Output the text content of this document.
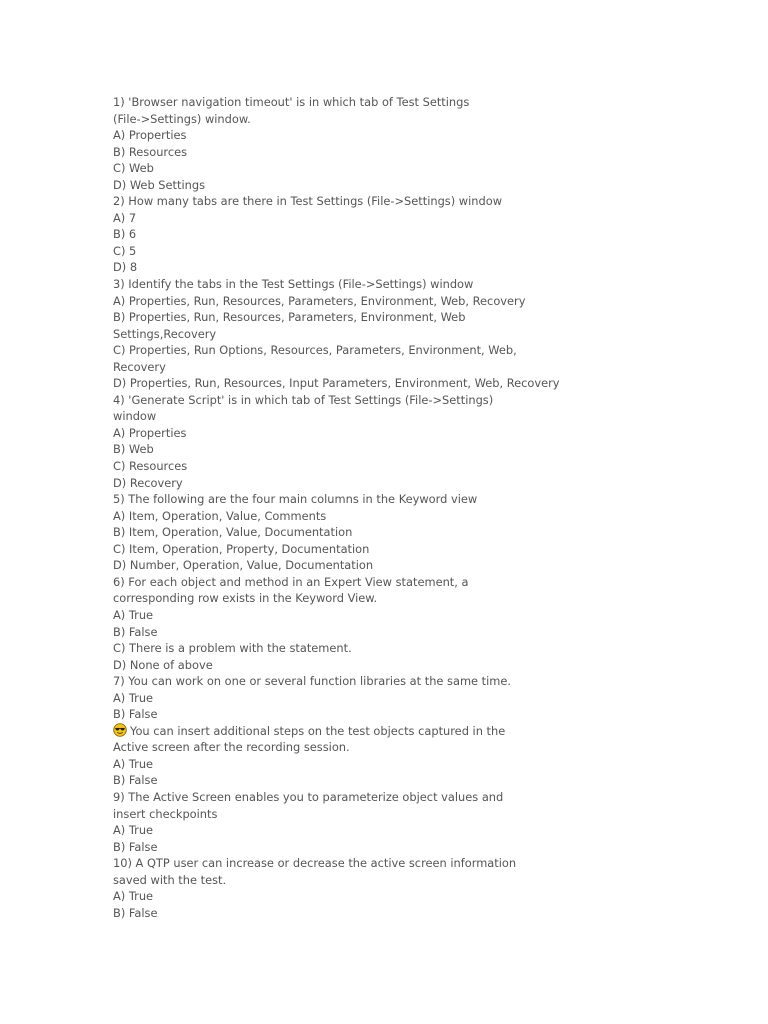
1) 'Browser navigation timeout' is in which tab of Test Settings
(File->Settings) window.
A) Properties
B) Resources
C) Web
D) Web Settings
2) How many tabs are there in Test Settings (File->Settings) window
A) 7
B) 6
C) 5
D) 8
3) Identify the tabs in the Test Settings (File->Settings) window
A) Properties, Run, Resources, Parameters, Environment, Web, Recovery
B) Properties, Run, Resources, Parameters, Environment, Web
Settings,Recovery
C) Properties, Run Options, Resources, Parameters, Environment, Web,
Recovery
D) Properties, Run, Resources, Input Parameters, Environment, Web, Recovery
4) 'Generate Script' is in which tab of Test Settings (File->Settings)
window
A) Properties
B) Web
C) Resources
D) Recovery
5) The following are the four main columns in the Keyword view
A) Item, Operation, Value, Comments
B) Item, Operation, Value, Documentation
C) Item, Operation, Property, Documentation
D) Number, Operation, Value, Documentation
6) For each object and method in an Expert View statement, a
corresponding row exists in the Keyword View.
A) True
B) False
C) There is a problem with the statement.
D) None of above
7) You can work on one or several function libraries at the same time.
A) True
B) False
You can insert additional steps on the test objects captured in the
Active screen after the recording session.
A) True
B) False
9) The Active Screen enables you to parameterize object values and
insert checkpoints
A) True
B) False
10) A QTP user can increase or decrease the active screen information
saved with the test.
A) True
B) False
